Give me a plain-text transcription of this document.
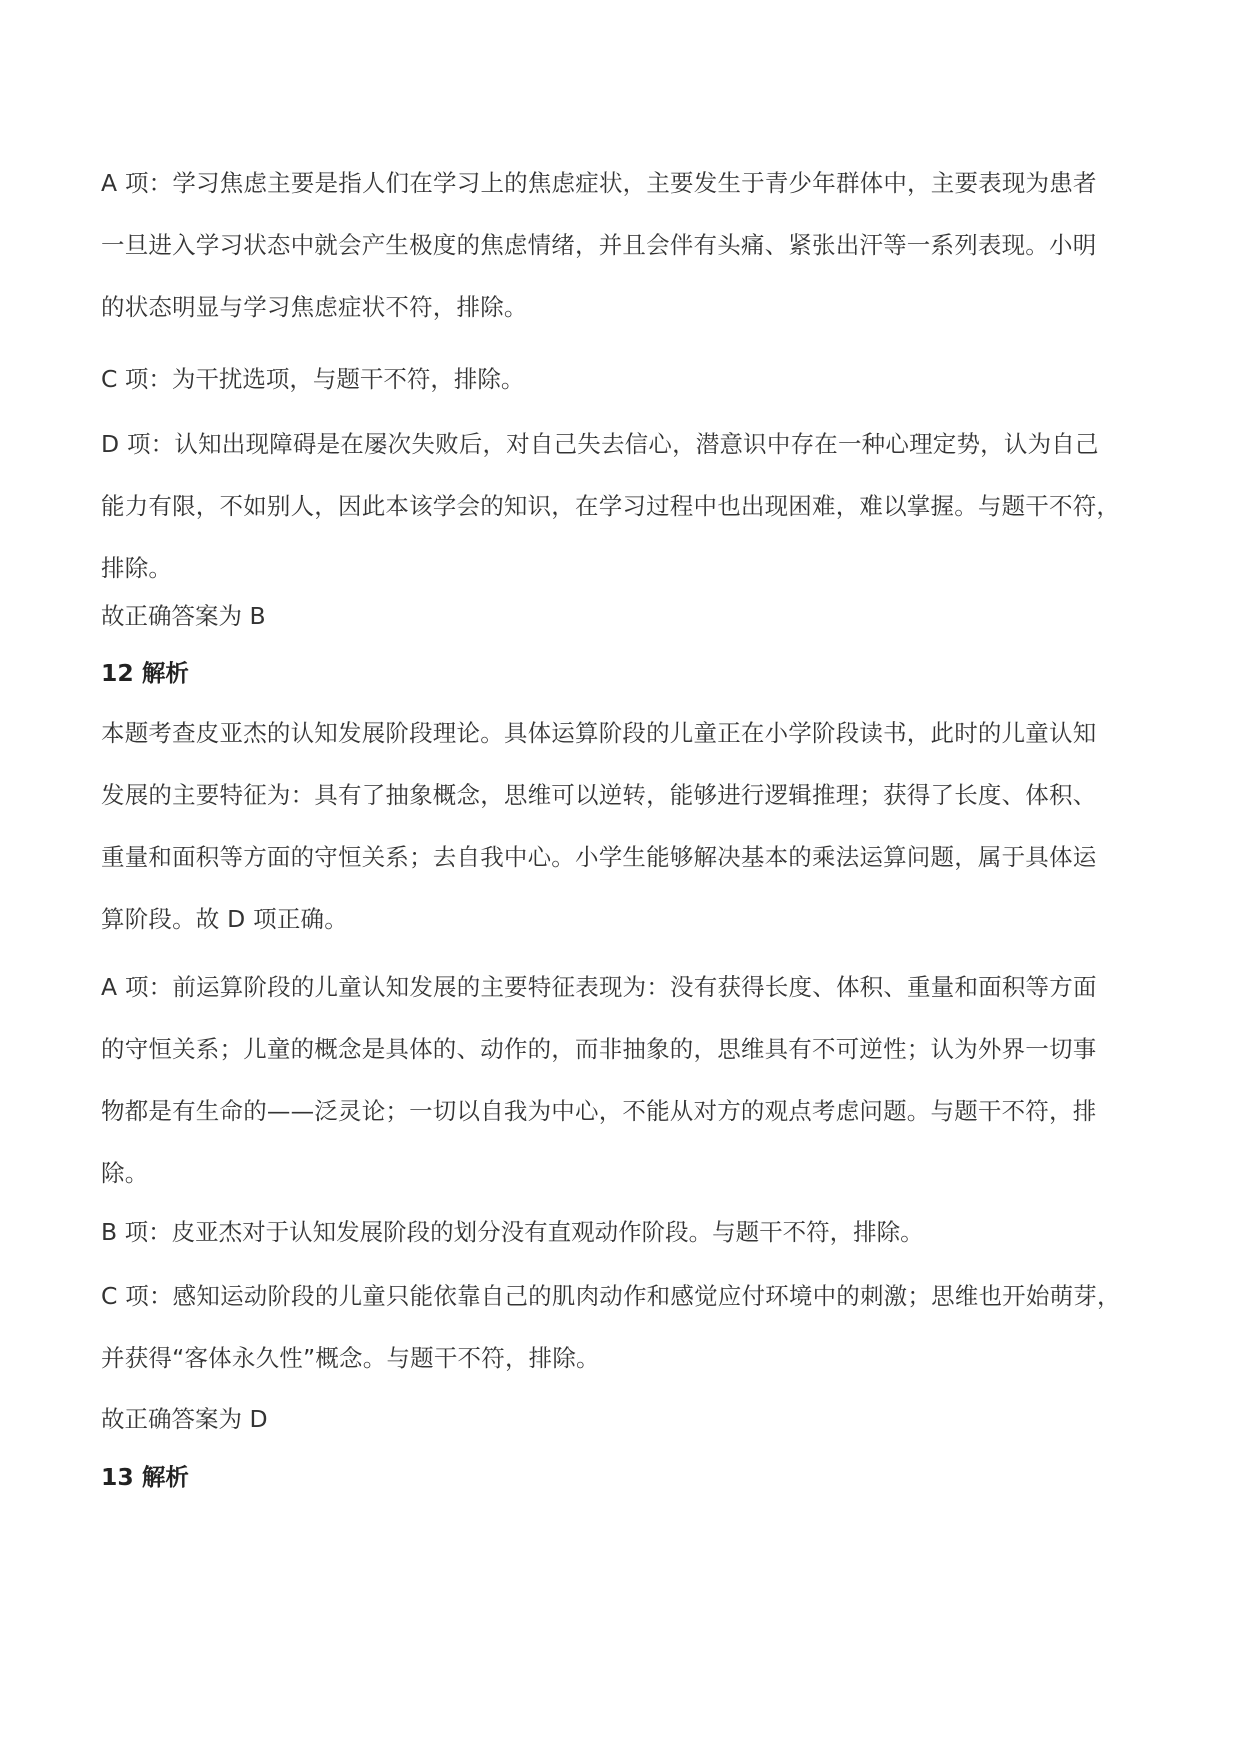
A 项：学习焦虑主要是指人们在学习上的焦虑症状，主要发生于青少年群体中，主要表现为患者
一旦进入学习状态中就会产生极度的焦虑情绪，并且会伴有头痛、紧张出汗等一系列表现。小明
的状态明显与学习焦虑症状不符，排除。
C 项：为干扰选项，与题干不符，排除。
D 项：认知出现障碍是在屡次失败后，对自己失去信心，潜意识中存在一种心理定势，认为自己
能力有限，不如别人，因此本该学会的知识，在学习过程中也出现困难，难以掌握。与题干不符，
排除。
故正确答案为 B
12 解析
本题考查皮亚杰的认知发展阶段理论。具体运算阶段的儿童正在小学阶段读书，此时的儿童认知
发展的主要特征为：具有了抽象概念，思维可以逆转，能够进行逻辑推理；获得了长度、体积、
重量和面积等方面的守恒关系；去自我中心。小学生能够解决基本的乘法运算问题，属于具体运
算阶段。故 D 项正确。
A 项：前运算阶段的儿童认知发展的主要特征表现为：没有获得长度、体积、重量和面积等方面
的守恒关系；儿童的概念是具体的、动作的，而非抽象的，思维具有不可逆性；认为外界一切事
物都是有生命的——泛灵论；一切以自我为中心，不能从对方的观点考虑问题。与题干不符，排
除。
B 项：皮亚杰对于认知发展阶段的划分没有直观动作阶段。与题干不符，排除。
C 项：感知运动阶段的儿童只能依靠自己的肌肉动作和感觉应付环境中的刺激；思维也开始萌芽，
并获得“客体永久性”概念。与题干不符，排除。
故正确答案为 D
13 解析
